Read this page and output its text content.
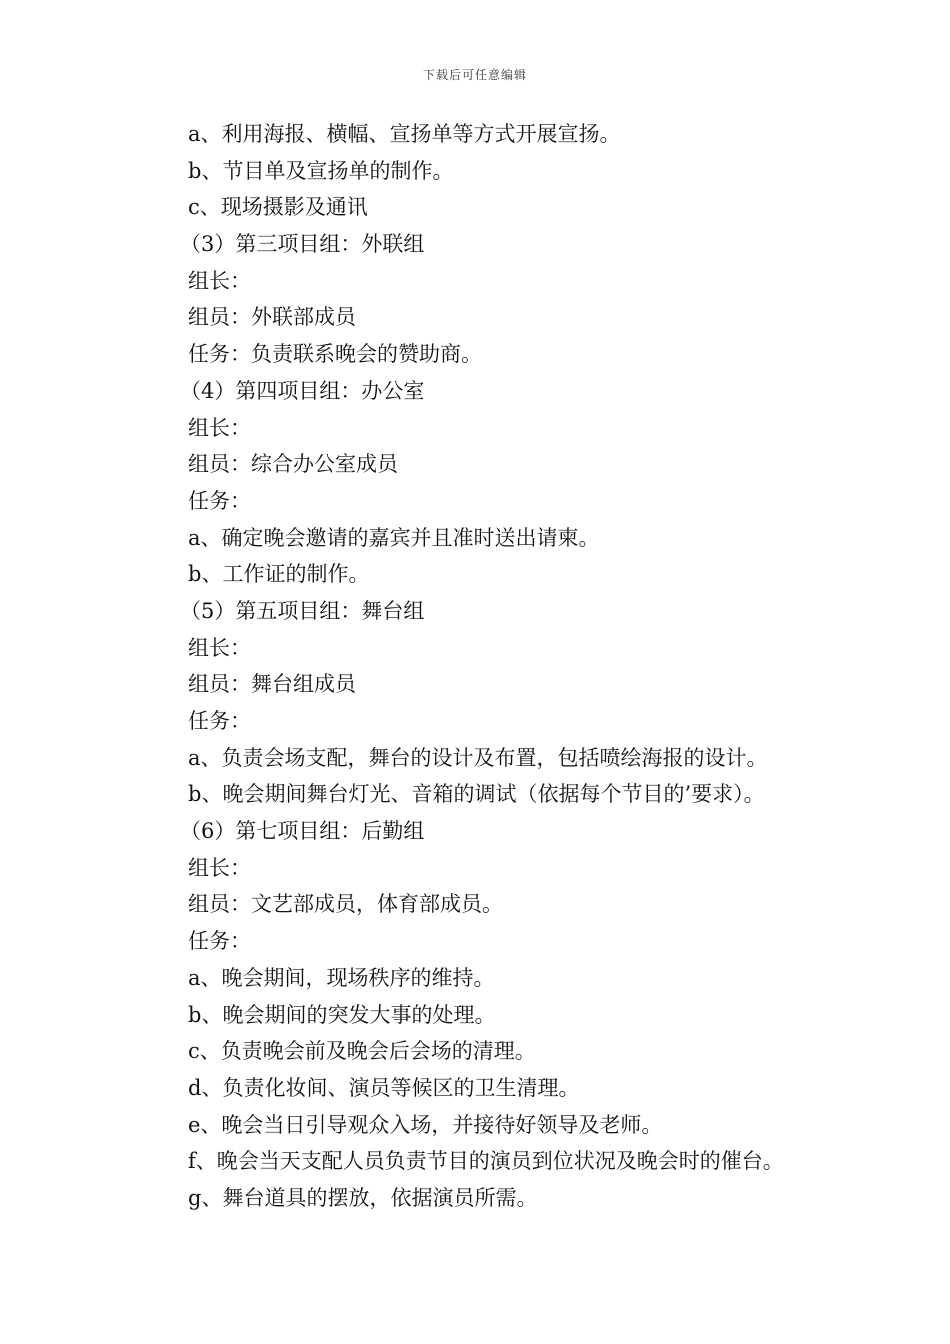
下载后可任意编辑
a、利用海报、横幅、宣扬单等方式开展宣扬。
b、节目单及宣扬单的制作。
c、现场摄影及通讯
（3）第三项目组：外联组
组长：
组员：外联部成员
任务：负责联系晚会的赞助商。
（4）第四项目组：办公室
组长：
组员：综合办公室成员
任务：
a、确定晚会邀请的嘉宾并且准时送出请柬。
b、工作证的制作。
（5）第五项目组：舞台组
组长：
组员：舞台组成员
任务：
a、负责会场支配，舞台的设计及布置，包括喷绘海报的设计。
b、晚会期间舞台灯光、音箱的调试（依据每个节目的’要求）。
（6）第七项目组：后勤组
组长：
组员：文艺部成员，体育部成员。
任务：
a、晚会期间，现场秩序的维持。
b、晚会期间的突发大事的处理。
c、负责晚会前及晚会后会场的清理。
d、负责化妆间、演员等候区的卫生清理。
e、晚会当日引导观众入场，并接待好领导及老师。
f、晚会当天支配人员负责节目的演员到位状况及晚会时的催台。
g、舞台道具的摆放，依据演员所需。
